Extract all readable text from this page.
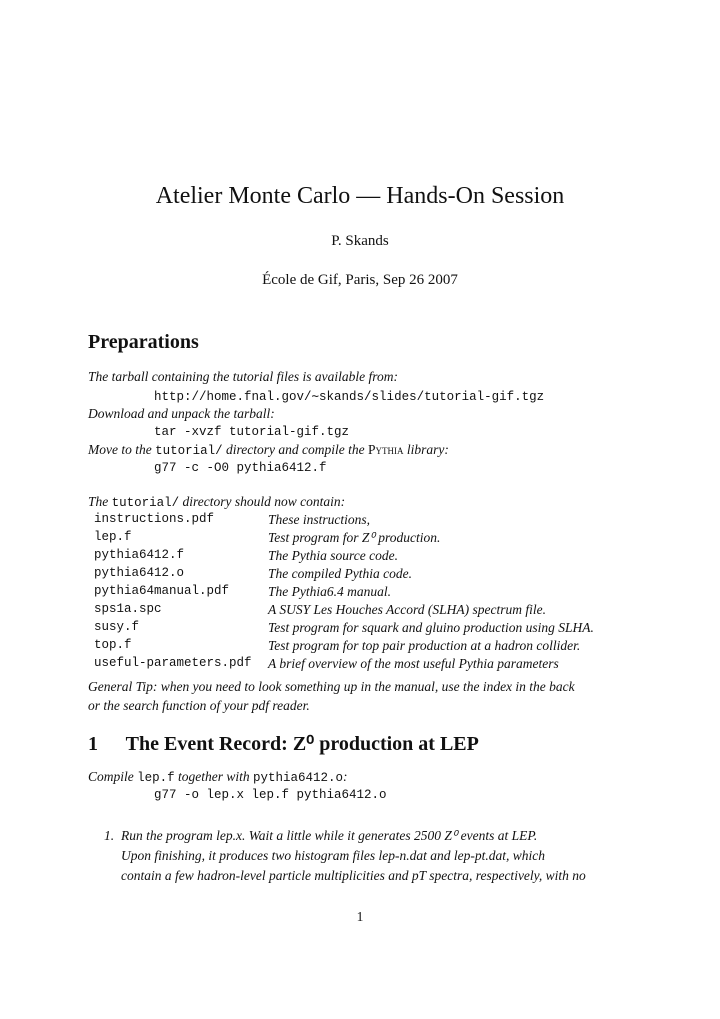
Atelier Monte Carlo — Hands-On Session
P. Skands
École de Gif, Paris, Sep 26 2007
Preparations
The tarball containing the tutorial files is available from:
http://home.fnal.gov/∼skands/slides/tutorial-gif.tgz
Download and unpack the tarball:
tar -xvzf tutorial-gif.tgz
Move to the tutorial/ directory and compile the Pythia library:
g77 -c -O0 pythia6412.f
The tutorial/ directory should now contain:
instructions.pdf	These instructions,
lep.f	Test program for Z⁰ production.
pythia6412.f	The Pythia source code.
pythia6412.o	The compiled Pythia code.
pythia64manual.pdf	The Pythia6.4 manual.
sps1a.spc	A SUSY Les Houches Accord (SLHA) spectrum file.
susy.f	Test program for squark and gluino production using SLHA.
top.f	Test program for top pair production at a hadron collider.
useful-parameters.pdf A brief overview of the most useful Pythia parameters
General Tip: when you need to look something up in the manual, use the index in the back
or the search function of your pdf reader.
1 The Event Record: Z⁰ production at LEP
Compile lep.f together with pythia6412.o:
g77 -o lep.x lep.f pythia6412.o
1. Run the program lep.x. Wait a little while it generates 2500 Z⁰ events at LEP.
Upon finishing, it produces two histogram files lep-n.dat and lep-pt.dat, which
contain a few hadron-level particle multiplicities and pT spectra, respectively, with no
1
